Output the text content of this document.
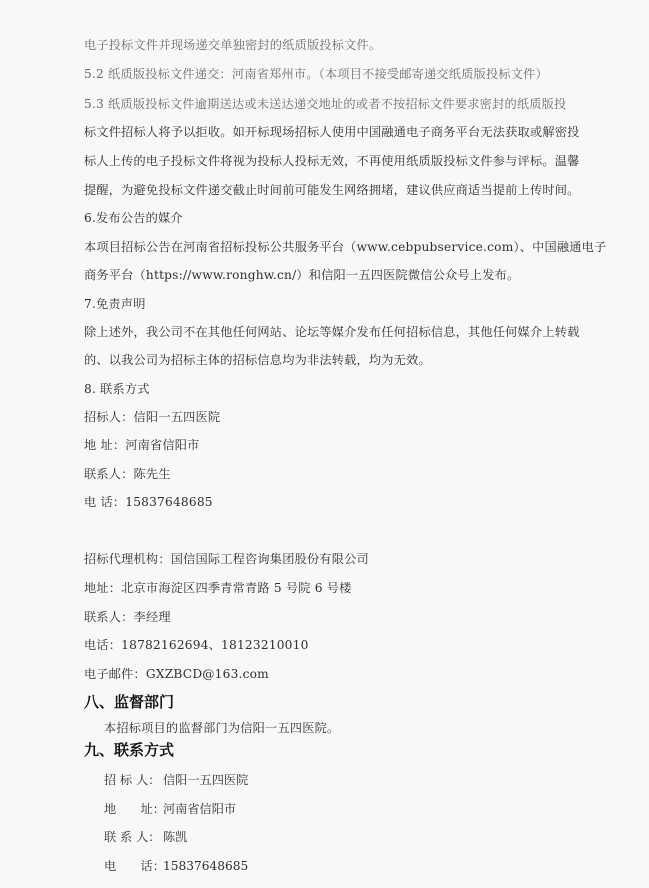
电子投标文件并现场递交单独密封的纸质版投标文件。
5.2 纸质版投标文件递交：河南省郑州市。（本项目不接受邮寄递交纸质版投标文件）
5.3 纸质版投标文件逾期送达或未送达递交地址的或者不按招标文件要求密封的纸质版投
标文件招标人将予以拒收。如开标现场招标人使用中国融通电子商务平台无法获取或解密投
标人上传的电子投标文件将视为投标人投标无效，不再使用纸质版投标文件参与评标。温馨
提醒，为避免投标文件递交截止时间前可能发生网络拥堵，建议供应商适当提前上传时间。
6.发布公告的媒介
本项目招标公告在河南省招标投标公共服务平台（www.cebpubservice.com）、中国融通电子
商务平台（https://www.ronghw.cn/）和信阳一五四医院微信公众号上发布。
7.免责声明
除上述外，我公司不在其他任何网站、论坛等媒介发布任何招标信息，其他任何媒介上转载
的、以我公司为招标主体的招标信息均为非法转载，均为无效。
8. 联系方式
招标人：信阳一五四医院
地 址：河南省信阳市
联系人：陈先生
电 话：15837648685
招标代理机构：国信国际工程咨询集团股份有限公司
地址：北京市海淀区四季青常青路 5 号院 6 号楼
联系人：李经理
电话：18782162694、18123210010
电子邮件：GXZBCD@163.com
八、监督部门
本招标项目的监督部门为信阳一五四医院。
九、联系方式
招 标 人： 信阳一五四医院
地　　址：
河南省信阳市
联 系 人： 陈凯
电　　话：
15837648685
